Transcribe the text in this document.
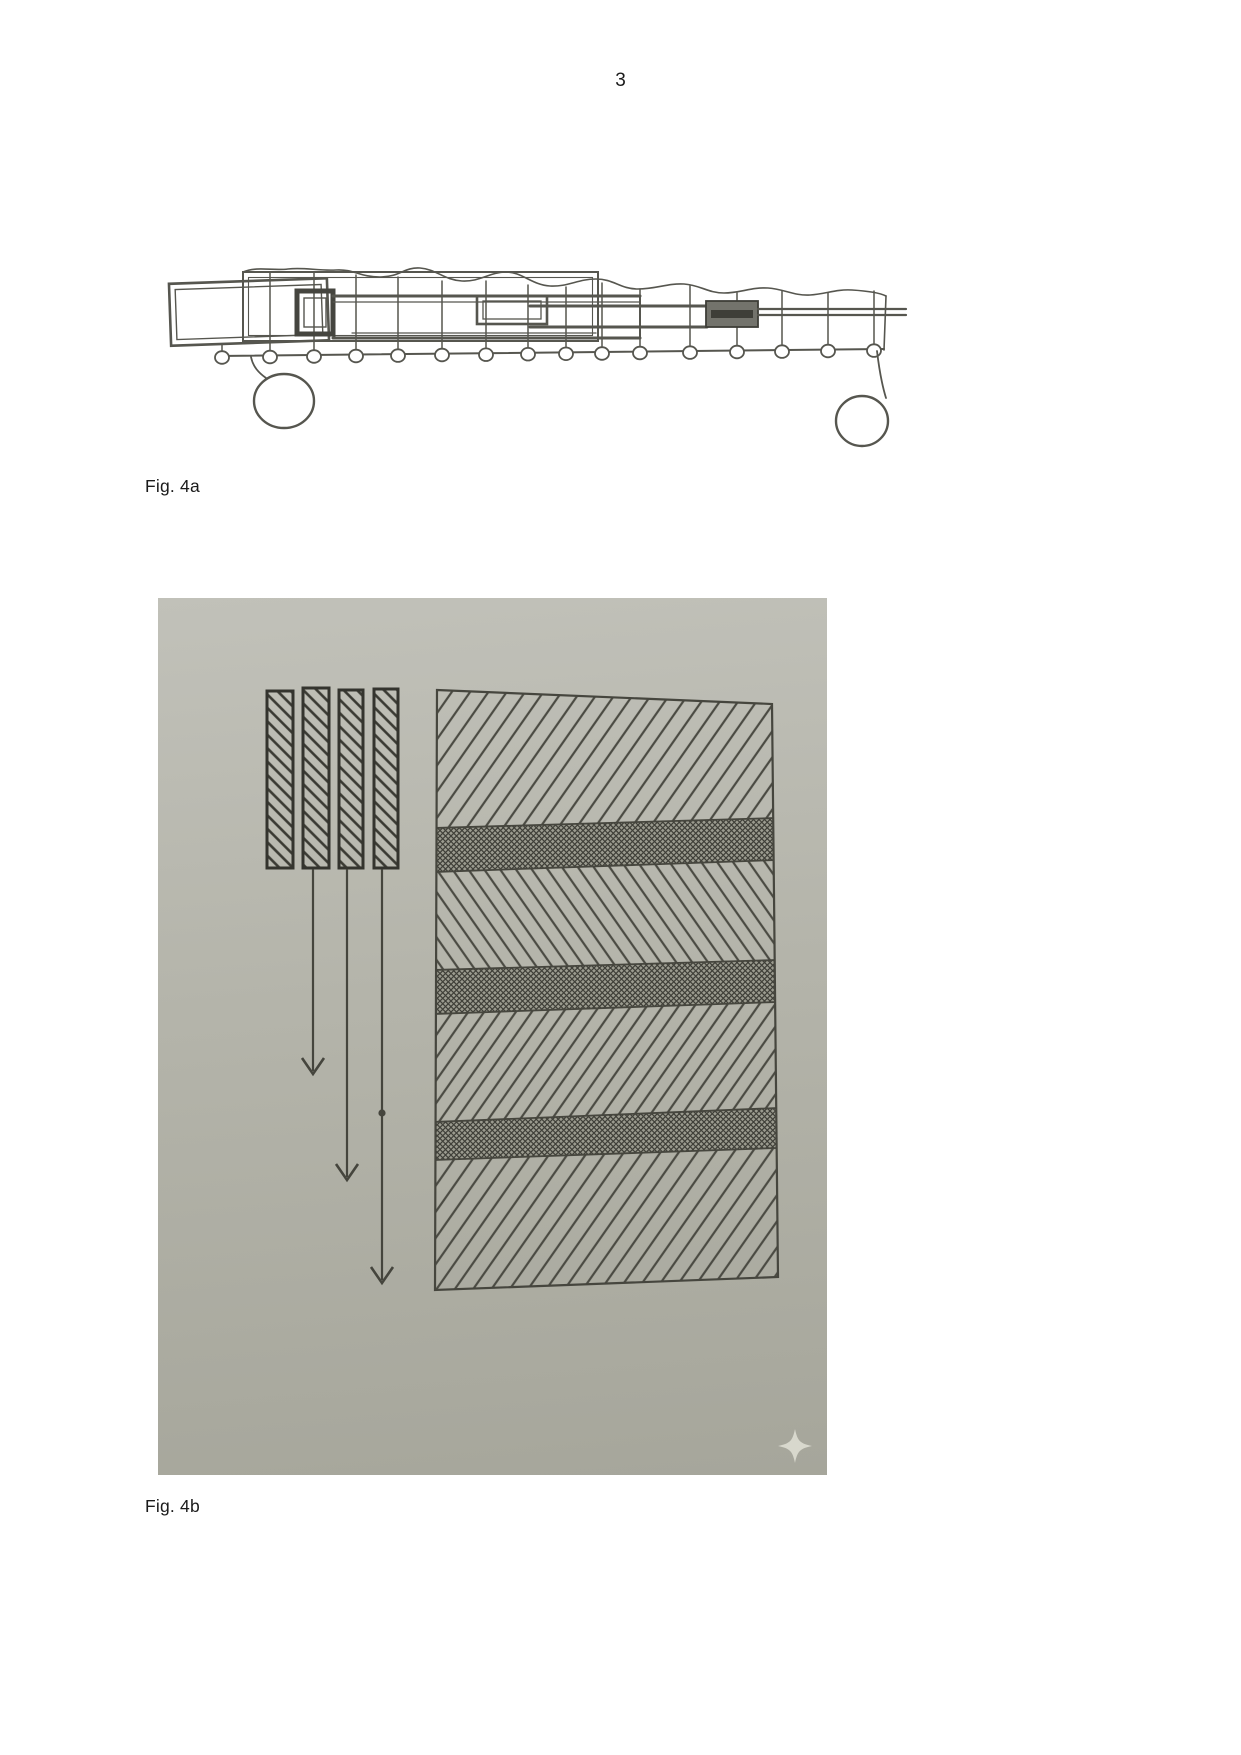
3
Fig. 4a
Fig. 4b
